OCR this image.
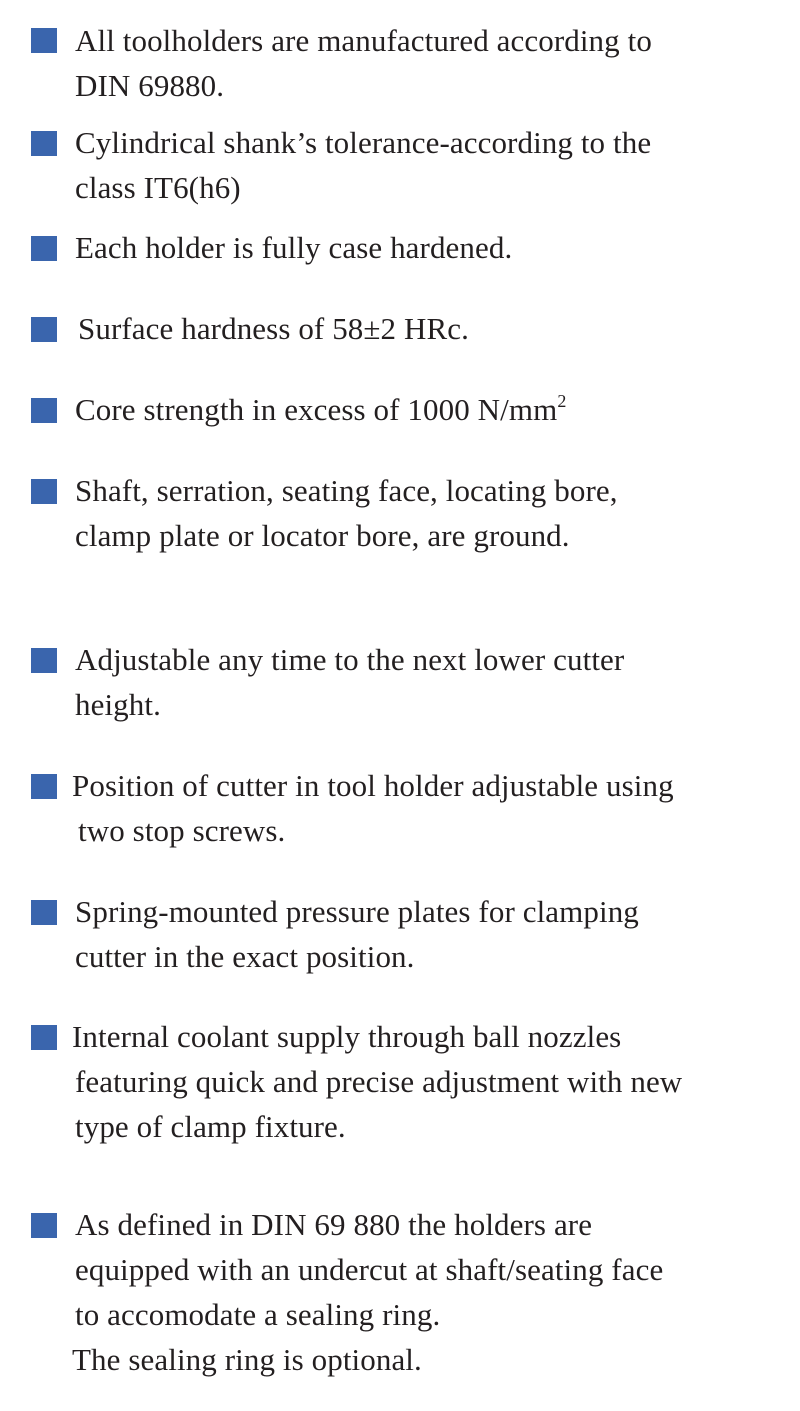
All toolholders are manufactured according to
DIN 69880.
Cylindrical shank’s tolerance-according to the
class IT6(h6)
Each holder is fully case hardened.
Surface hardness of 58±2 HRc.
Core strength in excess of 1000 $N/mm^2$
Shaft, serration, seating face, locating bore,
clamp plate or locator bore, are ground.
Adjustable any time to the next lower cutter
height.
Position of cutter in tool holder adjustable using
two stop screws.
Spring-mounted pressure plates for clamping
cutter in the exact position.
Internal coolant supply through ball nozzles
featuring quick and precise adjustment with new
type of clamp fixture.
As defined in DIN 69 880 the holders are
equipped with an undercut at shaft/seating face
to accomodate a sealing ring.
The sealing ring is optional.
